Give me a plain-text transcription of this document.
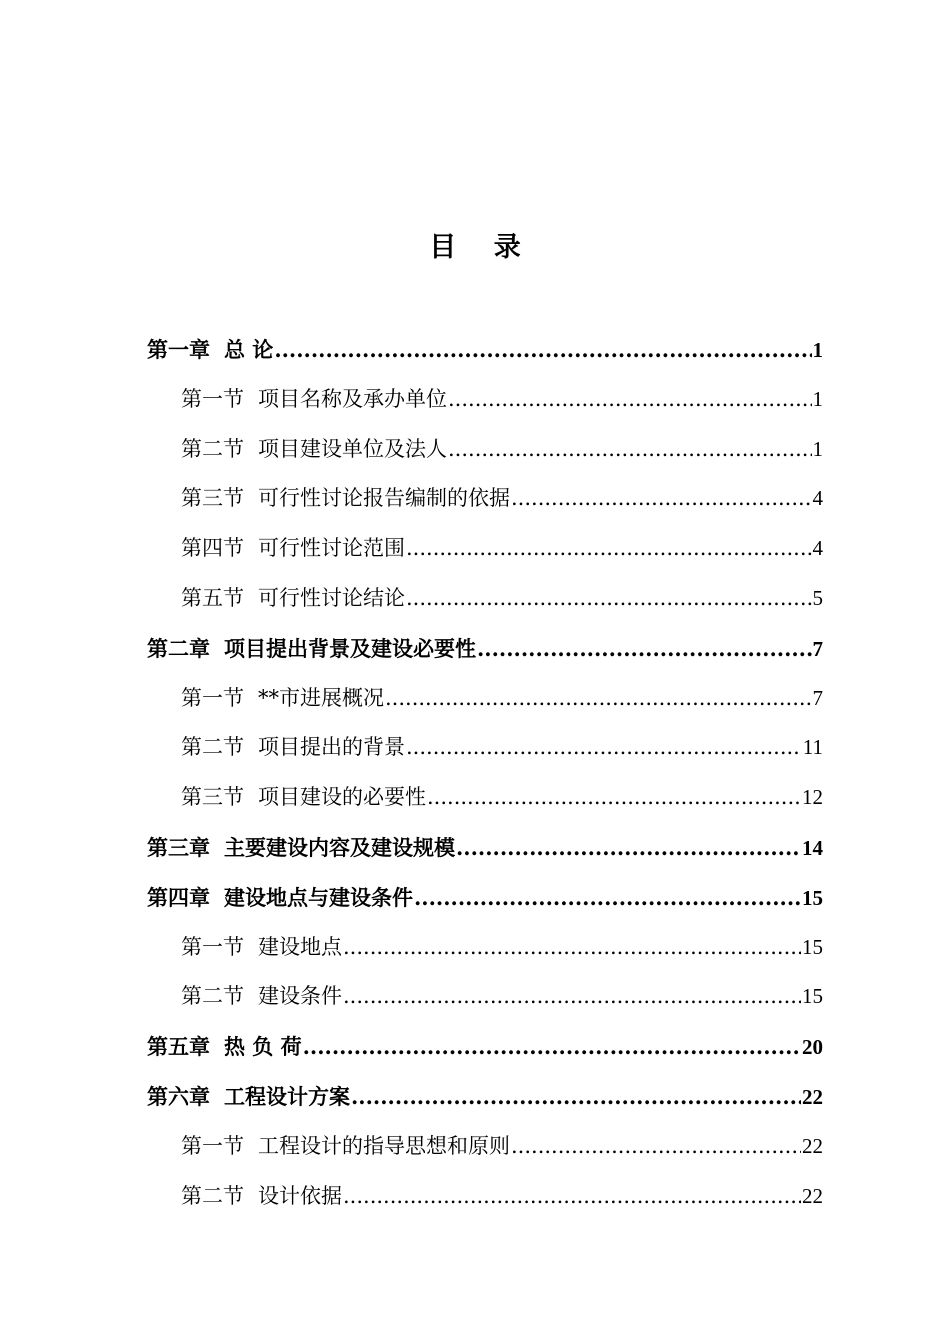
目 录
第一章 总 论 .....	1
第一节 项目名称及承办单位 .....	1
第二节 项目建设单位及法人 .....	1
第三节 可行性讨论报告编制的依据 .....	4
第四节 可行性讨论范围 .....	4
第五节 可行性讨论结论 .....	5
第二章 项目提出背景及建设必要性 .....	7
第一节 **市进展概况 .....	7
第二节 项目提出的背景 .....	11
第三节 项目建设的必要性 .....	12
第三章 主要建设内容及建设规模 .....	14
第四章 建设地点与建设条件 .....	15
第一节 建设地点 .....	15
第二节 建设条件 .....	15
第五章 热 负 荷 .....	20
第六章 工程设计方案 .....	22
第一节 工程设计的指导思想和原则 .....	22
第二节 设计依据 .....	22
